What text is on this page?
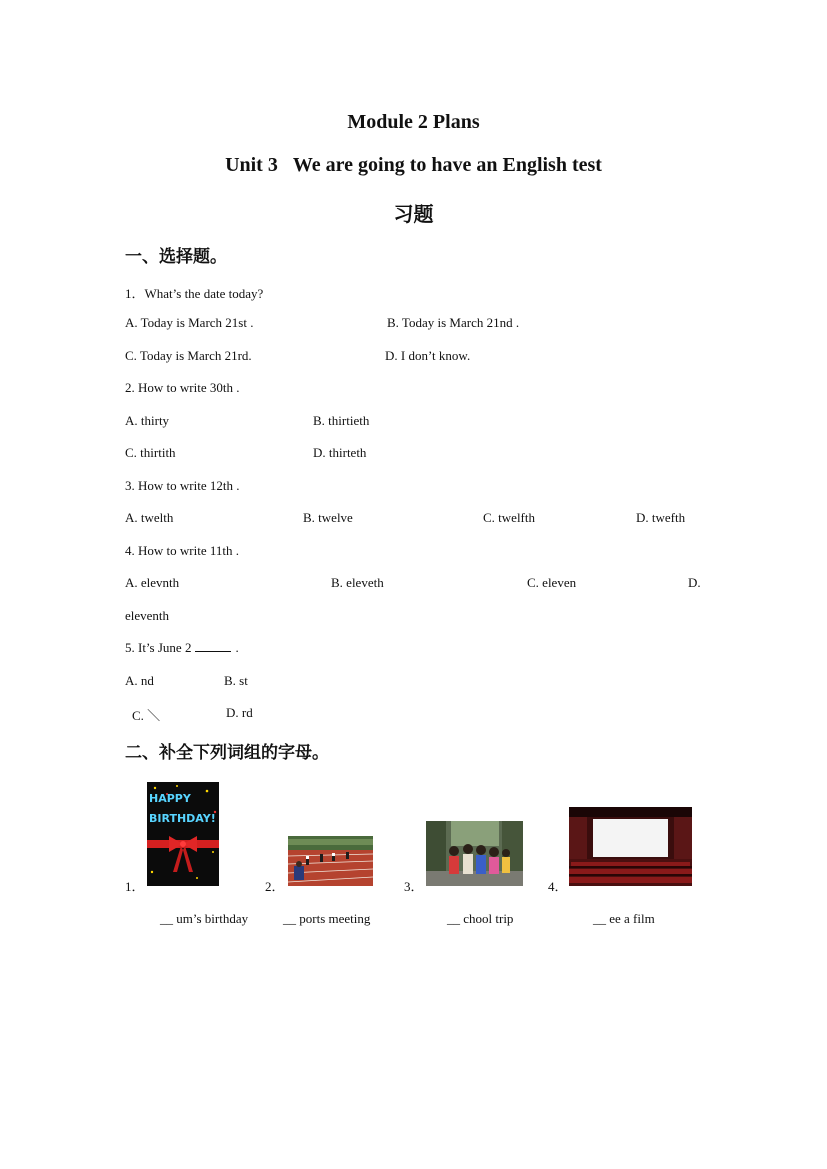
Module 2 Plans
Unit 3   We are going to have an English test
习题
一、选择题。
1．What’s the date today?
A. Today is March 21st .	B. Today is March 21nd .
C. Today is March 21rd.	D. I don’t know.
2. How to write 30th .
A. thirty	B. thirtieth
C. thirtith	D. thirteth
3. How to write 12th .
A. twelth	B. twelve	C. twelfth	D. twefth
4. How to write 11th .
A. elevnth	B. eleveth	C. eleven	D.
eleventh
5. It’s June 2	.
A. nd	B. st
C. ＼	D. rd
二、补全下列词组的字母。
1．
HAPPY BIRTHDAY!
__ um’s birthday
2．
__ ports meeting
3．
__ chool trip
4．
__ ee a film
